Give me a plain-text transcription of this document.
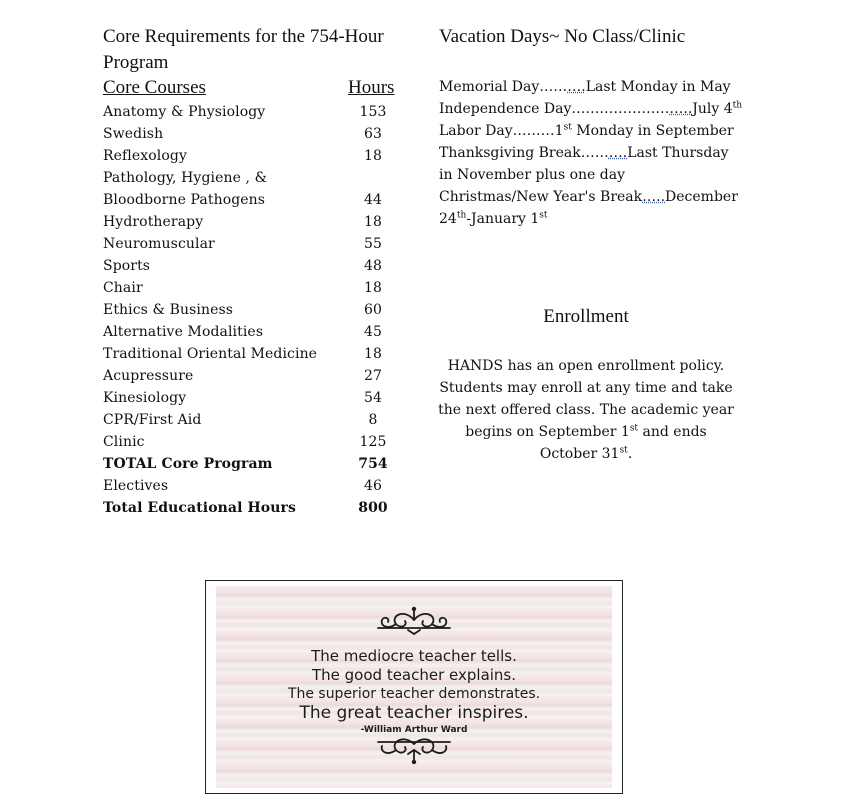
Core Requirements for the 754-Hour Program
Core Courses	Hours
Anatomy & Physiology	153
Swedish	63
Reflexology	18
Pathology, Hygiene , &
Bloodborne Pathogens	44
Hydrotherapy	18
Neuromuscular	55
Sports	48
Chair	18
Ethics & Business	60
Alternative Modalities	45
Traditional Oriental Medicine	18
Acupressure	27
Kinesiology	54
CPR/First Aid	8
Clinic	125
TOTAL Core Program	754
Electives	46
Total Educational Hours	800
Vacation Days~ No Class/Clinic
Memorial Day……….Last Monday in May
Independence Day……………………..July 4th
Labor Day………1st Monday in September
Thanksgiving Break……….Last Thursday
in November plus one day
Christmas/New Year's Break…..December
24th-January 1st
Enrollment
HANDS has an open enrollment policy. Students may enroll at any time and take the next offered class. The academic year begins on September 1st and ends October 31st.
The mediocre teacher tells.
The good teacher explains.
The superior teacher demonstrates.
The great teacher inspires.
-William Arthur Ward
